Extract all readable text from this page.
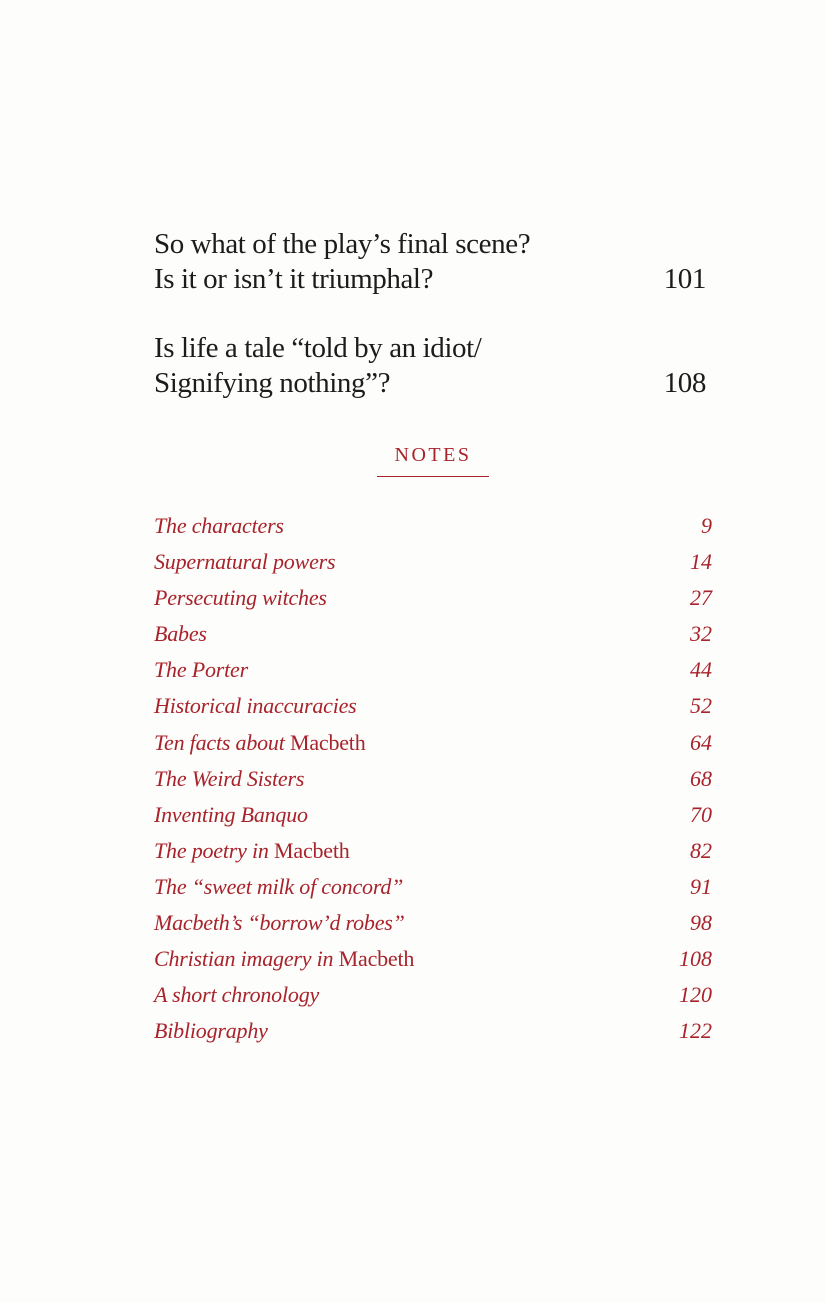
So what of the play’s final scene?
Is it or isn’t it triumphal?	101
Is life a tale “told by an idiot/
Signifying nothing”?	108
NOTES
The characters	9
Supernatural powers	14
Persecuting witches	27
Babes	32
The Porter	44
Historical inaccuracies	52
Ten facts about Macbeth	64
The Weird Sisters	68
Inventing Banquo	70
The poetry in Macbeth	82
The “sweet milk of concord”	91
Macbeth’s “borrow’d robes”	98
Christian imagery in Macbeth	108
A short chronology	120
Bibliography	122
